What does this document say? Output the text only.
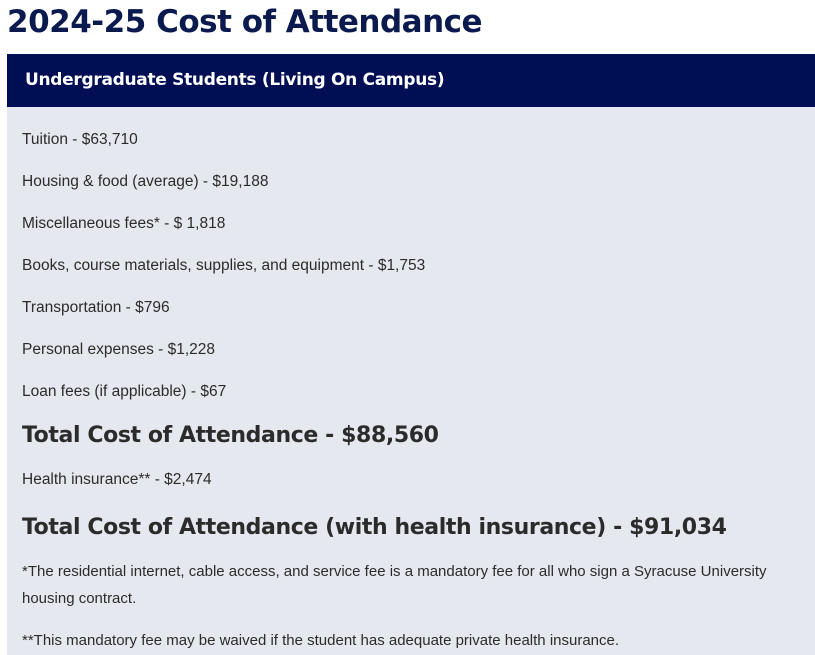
2024-25 Cost of Attendance
Undergraduate Students (Living On Campus)
Tuition - $63,710
Housing & food (average) - $19,188
Miscellaneous fees* - $ 1,818
Books, course materials, supplies, and equipment - $1,753
Transportation - $796
Personal expenses - $1,228
Loan fees (if applicable) - $67
Total Cost of Attendance - $88,560
Health insurance** - $2,474
Total Cost of Attendance (with health insurance) - $91,034

*The residential internet, cable access, and service fee is a mandatory fee for all who sign a Syracuse University housing contract.

**This mandatory fee may be waived if the student has adequate private health insurance.
